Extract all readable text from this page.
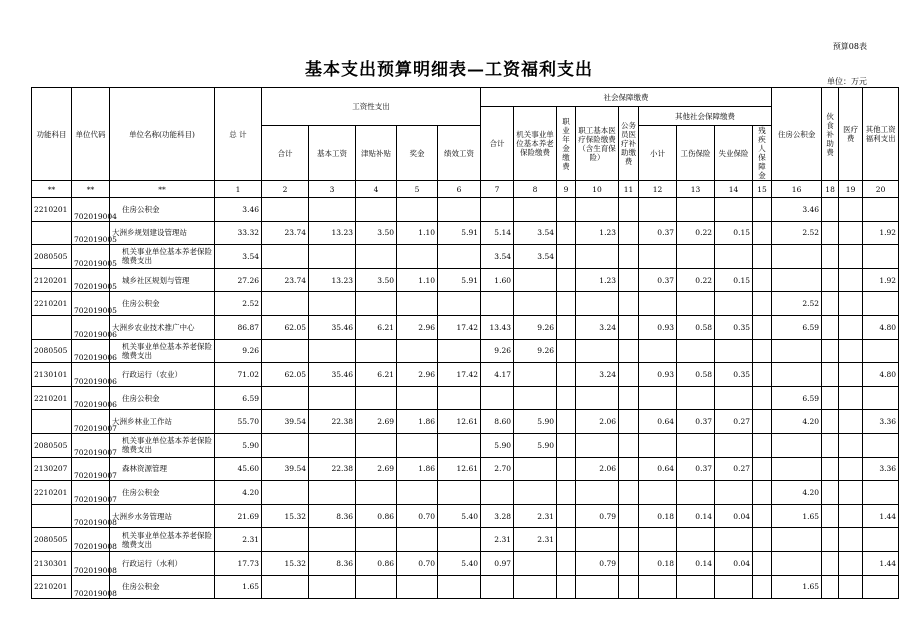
预算08表
基本支出预算明细表—工资福利支出
单位：万元
功能科目	单位代码	单位名称(功能科目)	总 计	工资性支出					社会保障缴费									住房公积金	伙食补助费	医疗费	其他工资福利支出
									合计	机关事业单位基本养老保险缴费	职业年金缴费	职工基本医疗保险缴费（含生育保险）	公务员医疗补助缴费	其他社会保障缴费							
				合计	基本工资	津贴补贴	奖金	绩效工资						小计	工伤保险	失业保险	残疾人保障金				
**	**	**	1	2	3	4	5	6	7	8	9	10	11	12	13	14	15	16	18	19	20
2210201	702019004	住房公积金	3.46															3.46			
	702019005	大洲乡规划建设管理站	33.32	23.74	13.23	3.50	1.10	5.91	5.14	3.54		1.23		0.37	0.22	0.15		2.52			1.92
2080505	702019005	机关事业单位基本养老保险缴费支出	3.54						3.54	3.54											
2120201	702019005	城乡社区规划与管理	27.26	23.74	13.23	3.50	1.10	5.91	1.60			1.23		0.37	0.22	0.15					1.92
2210201	702019005	住房公积金	2.52															2.52			
	702019006	大洲乡农业技术推广中心	86.87	62.05	35.46	6.21	2.96	17.42	13.43	9.26		3.24		0.93	0.58	0.35		6.59			4.80
2080505	702019006	机关事业单位基本养老保险缴费支出	9.26						9.26	9.26											
2130101	702019006	行政运行（农业）	71.02	62.05	35.46	6.21	2.96	17.42	4.17			3.24		0.93	0.58	0.35					4.80
2210201	702019006	住房公积金	6.59															6.59			
	702019007	大洲乡林业工作站	55.70	39.54	22.38	2.69	1.86	12.61	8.60	5.90		2.06		0.64	0.37	0.27		4.20			3.36
2080505	702019007	机关事业单位基本养老保险缴费支出	5.90						5.90	5.90											
2130207	702019007	森林资源管理	45.60	39.54	22.38	2.69	1.86	12.61	2.70			2.06		0.64	0.37	0.27					3.36
2210201	702019007	住房公积金	4.20															4.20			
	702019008	大洲乡水务管理站	21.69	15.32	8.36	0.86	0.70	5.40	3.28	2.31		0.79		0.18	0.14	0.04		1.65			1.44
2080505	702019008	机关事业单位基本养老保险缴费支出	2.31						2.31	2.31											
2130301	702019008	行政运行（水利）	17.73	15.32	8.36	0.86	0.70	5.40	0.97			0.79		0.18	0.14	0.04					1.44
2210201	702019008	住房公积金	1.65															1.65			
